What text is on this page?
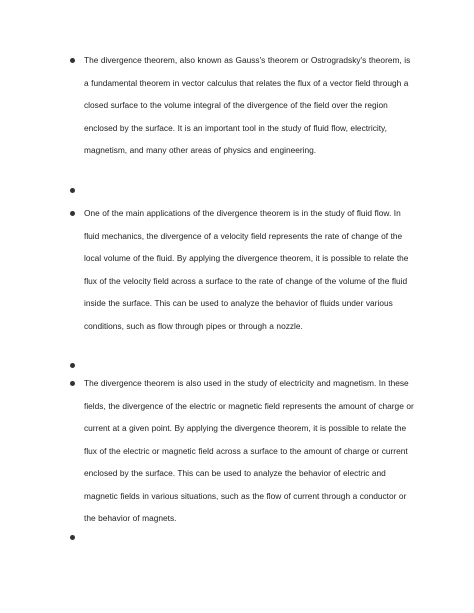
The divergence theorem, also known as Gauss's theorem or Ostrogradsky's theorem, is a fundamental theorem in vector calculus that relates the flux of a vector field through a closed surface to the volume integral of the divergence of the field over the region enclosed by the surface. It is an important tool in the study of fluid flow, electricity, magnetism, and many other areas of physics and engineering.
One of the main applications of the divergence theorem is in the study of fluid flow. In fluid mechanics, the divergence of a velocity field represents the rate of change of the local volume of the fluid. By applying the divergence theorem, it is possible to relate the flux of the velocity field across a surface to the rate of change of the volume of the fluid inside the surface. This can be used to analyze the behavior of fluids under various conditions, such as flow through pipes or through a nozzle.
The divergence theorem is also used in the study of electricity and magnetism. In these fields, the divergence of the electric or magnetic field represents the amount of charge or current at a given point. By applying the divergence theorem, it is possible to relate the flux of the electric or magnetic field across a surface to the amount of charge or current enclosed by the surface. This can be used to analyze the behavior of electric and magnetic fields in various situations, such as the flow of current through a conductor or the behavior of magnets.
